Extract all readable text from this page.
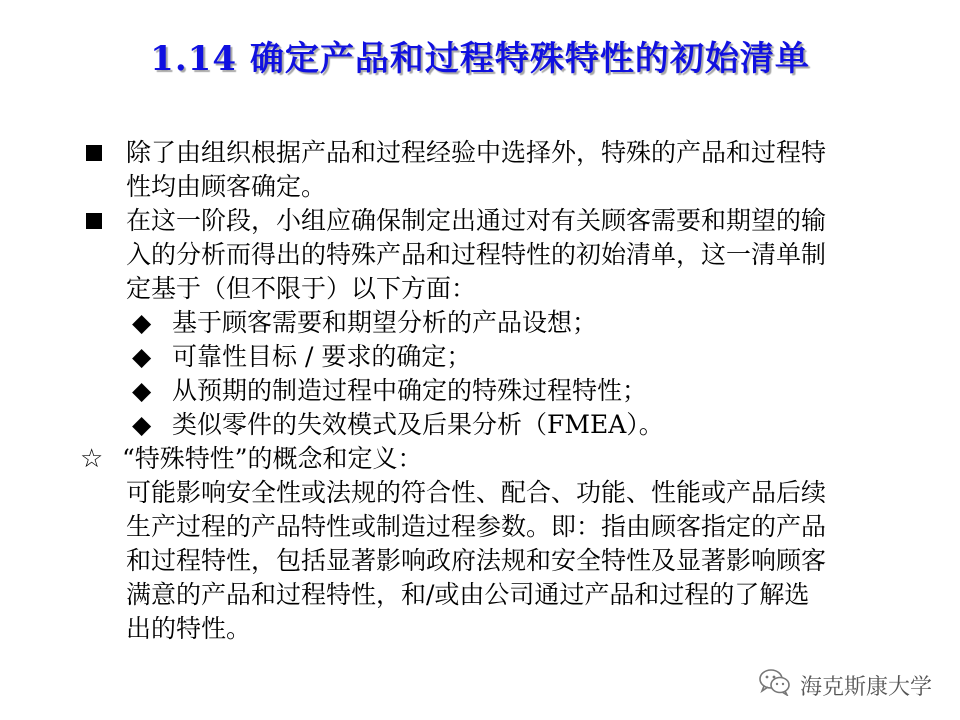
1.14 确定产品和过程特殊特性的初始清单
除了由组织根据产品和过程经验中选择外，特殊的产品和过程特
性均由顾客确定。
在这一阶段，小组应确保制定出通过对有关顾客需要和期望的输
入的分析而得出的特殊产品和过程特性的初始清单，这一清单制
定基于（但不限于）以下方面：
◆ 基于顾客需要和期望分析的产品设想；
◆ 可靠性目标 / 要求的确定；
◆ 从预期的制造过程中确定的特殊过程特性；
◆ 类似零件的失效模式及后果分析（FMEA）。
☆ “特殊特性”的概念和定义：
可能影响安全性或法规的符合性、配合、功能、性能或产品后续
生产过程的产品特性或制造过程参数。即：指由顾客指定的产品
和过程特性，包括显著影响政府法规和安全特性及显著影响顾客
满意的产品和过程特性，和/或由公司通过产品和过程的了解选
出的特性。
海克斯康大学
